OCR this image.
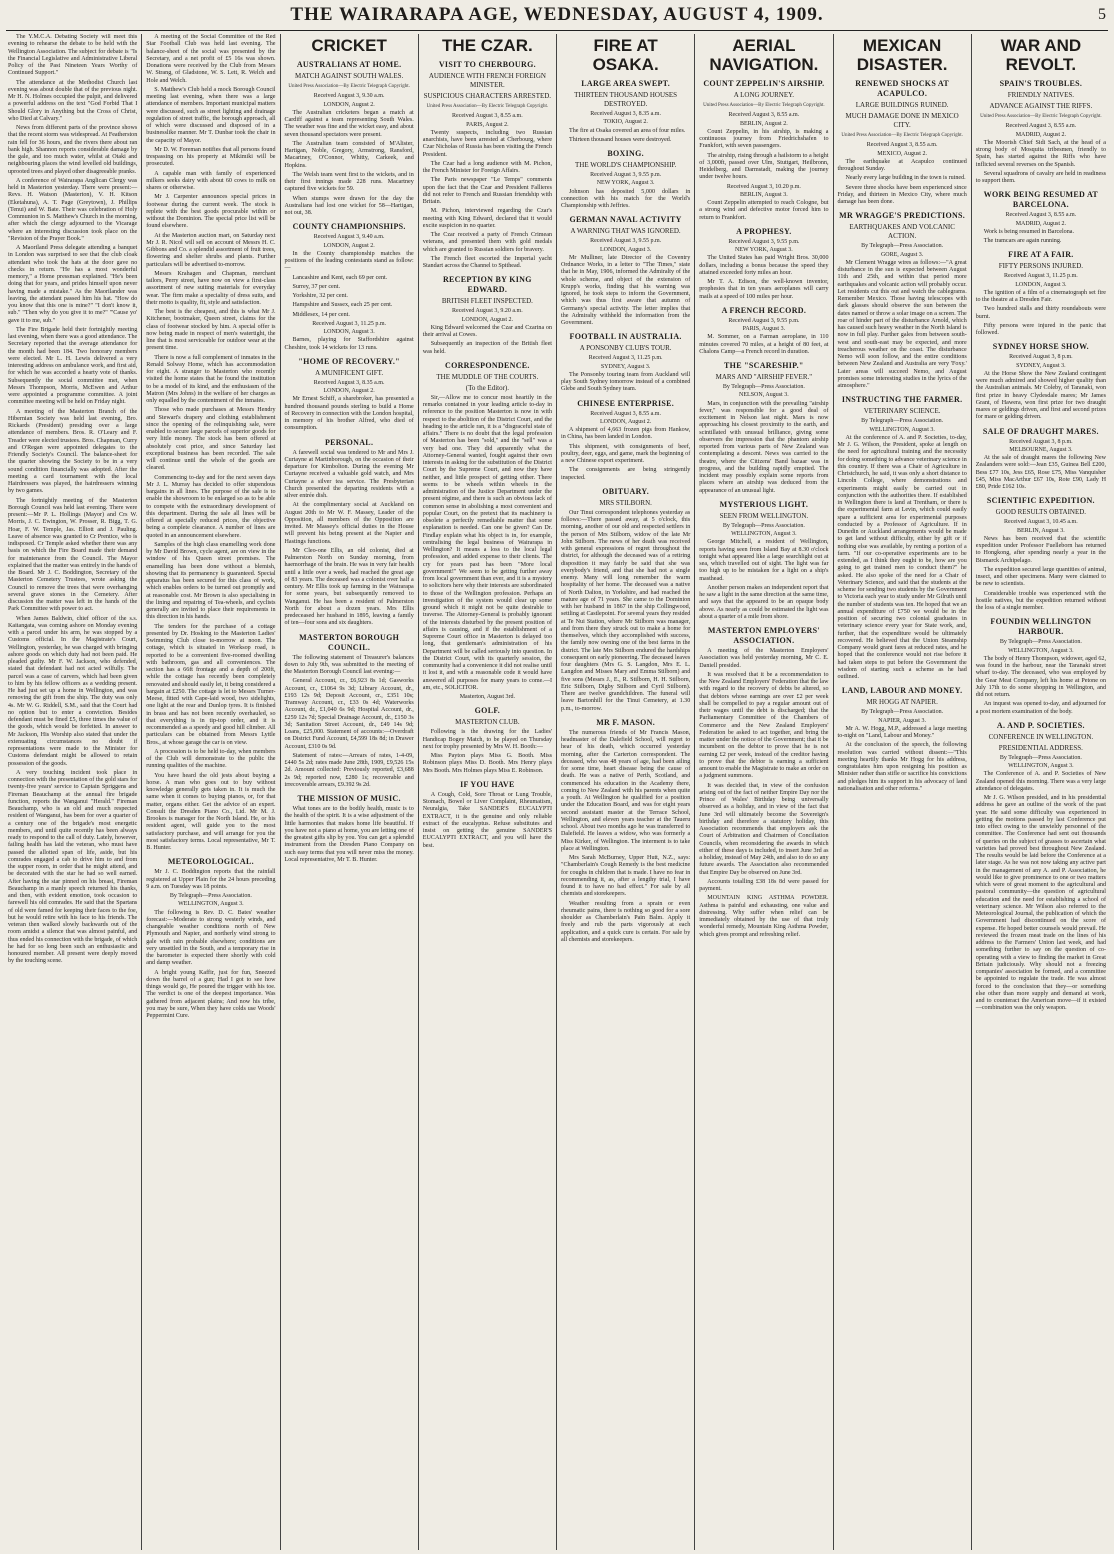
THE WAIRARAPA AGE, WEDNESDAY, AUGUST 4, 1909.	5
The Y.M.C.A. Debating Society will meet this evening to rehearse the debate to be held with the Wellington Association. The subject for debate is "Is the Financial Legislative and Administrative Liberal Policy of the Past Nineteen Years Worthy of Continued Support."
The attendance at the Methodist Church last evening was about double that of the previous night. Mr H. N. Holmes occupied the pulpit, and delivered a powerful address on the text "God Forbid That I Should Glory in Anything but the Cross of Christ, who Died at Calvary."
News from different parts of the province shows that the recent storm was widespread. At Featherston rain fell for 36 hours, and the rivers there about ran bank high. Shannon reports considerable damage by the gale, and too much water, whilst at Otaki and neighbouring places the wind levelled old buildings, uprooted trees and played other disagreeable pranks.
A conference of Wairarapa Anglican Clergy was held in Masterton yesterday. There were present:—Revs. H. Watson (Masterton), V. H. Kitson (Eketahuna), A. T. Page (Greytown), J. Phillips (Tenui) and W. Bate. Their was celebration of Holy Communion in S. Matthew's Church in the morning, after which the clergy adjourned to the Vicarage where an interesting discussion took place on the "Revision of the Prayer Book."
A Maoriland Press delegate attending a banquet in London was surprised to see that the club cloak attendant who took the hats at the door gave no checks in return. "He has a most wonderful memory," a Home pressman explained. "He's been doing that for years, and prides himself upon never having made a mistake." As the Maorilander was leaving, the attendant passed him his hat. "How do you know that this one is mine?" "I don't know it, sub." "Then why do you give it to me?" "'Cause yo' gave it to me, sub."
The Fire Brigade held their fortnightly meeting last evening, when there was a good attendance. The Secretary reported that the average attendance for the month had been 184. Two honorary members were elected. Mr L. H. Lewis delivered a very interesting address on ambulance work, and first aid, for which he was accorded a hearty vote of thanks. Subsequently the social committee met, when Messrs Thompson, Morris, McEwen and Arthur were appointed a programme committee. A joint committee meeting will be held on Friday night.
A meeting of the Masterton Branch of the Hibernian Society was held last evening, Bro. Rickards (President) presiding over a large attendance of members. Bros. R. O'Leary and F. Treader were elected trustees. Bros. Chapman, Curry and O'Regan were appointed delegates to the Friendly Society's Council. The balance-sheet for the quarter showing the Society to be in a very sound condition financially was adopted. After the meeting a card tournament with the local Hairdressers was played, the hairdressers winning by two games.
The fortnightly meeting of the Masterton Borough Council was held last evening. There were present:—Mr P. L. Hollings (Mayor) and Crs W. Morris, J. C. Ewington, W. Prosser, R. Bigg, T. G. Hoar, F. W. Temple, Jas. Elliott and J. Pauling. Leave of absence was granted to Cr Prentice, who is indisposed. Cr Temple asked whether there was any basis on which the Fire Board made their demand for maintenance from the Council. The Mayor explained that the matter was entirely in the hands of the Board. Mr J. C. Boddington, Secretary of the Masterton Cemetery Trustees, wrote asking the Council to remove the trees that were overhanging several grave stones in the Cemetery. After discussion the matter was left in the hands of the Park Committee with power to act.
When James Baldwin, chief officer of the s.s. Kaitangata, was coming ashore on Monday evening with a parcel under his arm, he was stopped by a Customs official. In the Magistrate's Court, Wellington, yesterday, he was charged with bringing ashore goods on which duty had not been paid. He pleaded guilty. Mr F. W. Jackson, who defended, stated that defendant had not acted wilfully. The parcel was a case of carvers, which had been given to him by his fellow officers as a wedding present. He had just set up a home in Wellington, and was removing the gift from the ship. The duty was only 4s. Mr W. G. Riddell, S.M., said that the Court had no option but to enter a conviction. Besides defendant must be fined £5, three times the value of the goods, which would be forfeited. In answer to Mr Jackson, His Worship also stated that under the extenuating circumstances no doubt if representations were made to the Minister for Customs defendant might be allowed to retain possession of the goods.
A very touching incident took place in connection with the presentation of the gold stars for twenty-five years' service to Captain Spriggens and Fireman Beauchamp at the annual fire brigade function, reports the Wanganui "Herald." Fireman Beauchamp, who is an old and much respected resident of Wanganui, has been for over a quarter of a century one of the brigade's most energetic members, and until quite recently has been always ready to respond to the call of duty. Lately, however, failing health has laid the veteran, who must have passed the allotted span of life, aside, but his comrades engaged a cab to drive him to and from the supper room, in order that he might attend, and be decorated with the star he had so well earned. After having the star pinned on his breast, Fireman Beauchamp in a manly speech returned his thanks, and then, with evident emotion, took occasion to farewell his old comrades. He said that the Spartans of old were famed for keeping their faces to the foe, but he would retire with his face to his friends. The veteran then walked slowly backwards out of the room amidst a silence that was almost painful, and thus ended his connection with the brigade, of which he had for so long been such an enthusiastic and honoured member. All present were deeply moved by the touching scene.
A meeting of the Social Committee of the Red Star Football Club was held last evening. The balance-sheet of the social was presented by the Secretary, and a net profit of £5 16s was shown. Donations were received by the Club from Messrs W. Strang, of Gladstone, W. S. Lett, R. Welch and Hole and Welch.
S. Matthew's Club held a mock Borough Council meeting last evening, when there was a large attendance of members. Important municipal matters were discussed, such as street lighting and drainage regulation of street traffic, the borough approach, all of which were discussed and disposed of in a businesslike manner. Mr T. Dunbar took the chair in the capacity of Mayor.
Mr D. W. Foreman notifies that all persons found trespassing on his property at Mikimiki will be prosecuted.
A capable man with family of experienced milkers seeks dairy with about 60 cows to milk on shares or otherwise.
Mr J. Carpenter announces special prices in footwear during the current week. The stock is replete with the best goods procurable within or without the Dominion. The special price list will be found elsewhere.
At the Masterton auction mart, on Saturday next Mr J. R. Nicol will sell on account of Messrs H. C. Gibbons and Co. a splendid assortment of fruit trees, flowering and shelter shrubs and plants. Further particulars will be advertised to-morrow.
Messrs Krahagen and Chapman, merchant tailors, Perry street, have now on view a first-class assortment of new suiting materials for everyday wear. The firm make a speciality of dress suits, and their motto is quality, fit, style and satisfaction.
The best is the cheapest, and this is what Mr J. Kitchener, bootmaker, Queen street, claims for the class of footwear stocked by him. A special offer is now being made in respect of men's watertight, the line that is most serviceable for outdoor wear at the present time.
There is now a full complement of inmates in the Renald Solway Home, which has accommodation for eight. A stranger to Masterton who recently visited the home states that he found the institution to be a model of its kind, and the enthusiasm of the Matron (Mrs Johns) in the welfare of her charges as only equalled by the contentment of the inmates.
Those who made purchases at Messrs Hendry and Stewart's drapery and clothing establishment since the opening of the relinquishing sale, were enabled to secure large parcels of superior goods for very little money. The stock has been offered at absolutely cost price, and since Saturday last exceptional business has been recorded. The sale will continue until the whole of the goods are cleared.
Commencing to-day and for the next seven days Mr J. L. Murray has decided to offer stupendous bargains in all lines. The purpose of the sale is to enable the showroom to be enlarged so as to be able to compete with the extraordinary development of this department. During the sale all lines will be offered at specially reduced prices, the objective being a complete clearance. A number of lines are quoted in an announcement elsewhere.
Samples of the high class enamelling work done by Mr David Brown, cycle agent, are on view in the window of his Queen street premises. The enamelling has been done without a blemish, showing that its permanency is guaranteed. Special apparatus has been secured for this class of work, which enables orders to be turned out promptly and at reasonable cost. Mr Brown is also specialising in the lining and repairing of Tea-wheels, and cyclists generally are invited to place their requirements in this direction in his hands.
The tenders for the purchase of a cottage presented by Dr. Hosking to the Masterton Ladies' Swimming Club close to-morrow at noon. The cottage, which is situated in Worksop road, is reported to be a convenient five-roomed dwelling with bathroom, gas and all conveniences. The section has a 66ft frontage and a depth of 200ft, while the cottage has recently been completely renovated and should easily let, it being considered a bargain at £250. The cottage is let to Messrs Turner-Meese, fitted with Cape-laid wood, two sidelights, one light at the rear and Dunlop tyres. It is finished in brass and has not been recently overhauled, so that everything is in tip-top order, and it is recommended as a speedy and good hill climber. All particulars can be obtained from Messrs Lyttle Bros., at whose garage the car is on view.
A procession is to be held to-day, when members of the Club will demonstrate to the public the running qualities of the machine.
You have heard the old jests about buying a horse. A man who goes out to buy without knowledge generally gets taken in. It is much the same when it comes to buying pianos, or, for that matter, organs either. Get the advice of an expert. Consult the Dresden Piano Co., Ltd. Mr M. J. Brookes is manager for the North Island. He, or his resident agent, will guide you to the most satisfactory purchase, and will arrange for you the most satisfactory terms. Local representative, Mr T. B. Hunter.
METEOROLOGICAL.
Mr J. C. Boddington reports that the rainfall registered at Upper Plain for the 24 hours preceding 9 a.m. on Tuesday was 18 points.
By Telegraph—Press Association.
WELLINGTON, August 3.
The following is Rev. D. C. Bates' weather forecast:—Moderate to strong westerly winds, and changeable weather conditions north of New Plymouth and Napier, and northerly wind strong to gale with rain probable elsewhere; conditions are very unsettled in the South, and a temporary rise in the barometer is expected there shortly with cold and damp weather.
A bright young Kaffir, just for fun, Sneezed down the barrel of a gun; Had I got to see how things would go, He poured the trigger with his toe. The verdict is one of the deepest importance. Was gathered from adjacent plains; And now his tribe, you may be sure, When they have colds use Woods' Peppermint Cure.
CRICKET
AUSTRALIANS AT HOME.
MATCH AGAINST SOUTH WALES.
United Press Association—By Electric Telegraph Copyright.
Received August 3, 9.30 a.m.
LONDON, August 2.
The Australian cricketers began a match at Cardiff against a team representing South Wales. The weather was fine and the wicket easy, and about seven thousand spectators were present.
The Australian team consisted of M'Alister, Hartigan, Noble, Gregory, Armstrong, Ransford, Macartney, O'Connor, Whitty, Carkeek, and Hopkins.
The Welsh team went first to the wickets, and in their first innings made 228 runs. Macartney captured five wickets for 59.
When stumps were drawn for the day the Australians had lost one wicket for 58—Hartigan, not out, 38.
COUNTY CHAMPIONSHIPS.
Received August 3, 9.40 a.m.
LONDON, August 2.
In the County championship matches the positions of the leading contestants stand as follow:—
Lancashire and Kent, each 69 per cent.
Surrey, 37 per cent.
Yorkshire, 32 per cent.
Hampshire and Sussex, each 25 per cent.
Middlesex, 14 per cent.
Received August 3, 11.25 p.m.
LONDON, August 3.
Barnes, playing for Staffordshire against Cheshire, took 14 wickets for 13 runs.
"HOME OF RECOVERY."
A MUNIFICENT GIFT.
Received August 3, 8.35 a.m.
LONDON, August 2.
Mr Ernest Schiff, a sharebroker, has presented a hundred thousand pounds sterling to build a Home of Recovery in connection with the London hospital, in memory of his brother Alfred, who died of consumption.
PERSONAL.
A farewell social was tendered to Mr and Mrs J. Curtayne at Martinborough, on the occasion of their departure for Kimbolton. During the evening Mr Curtayne received a valuable gold watch, and Mrs Curtayne a silver tea service. The Presbyterian Church presented the departing residents with a silver entrée dish.
At the complimentary social at Auckland on August 20th to Mr W. F. Massey, Leader of the Opposition, all members of the Opposition are invited. Mr Massey's official duties in the House will prevent his being present at the Napier and Hastings functions.
Mr Cleo-one Ellis, an old colonist, died at Palmerston North on Sunday morning, from haemorrhage of the brain. He was in very fair health until a little over a week, had reached the great age of 83 years. The deceased was a colonist over half a century. Mr Ellis took up farming in the Wairarapa for some years, but subsequently removed to Wanganui. He has been a resident of Palmerston North for about a dozen years. Mrs Ellis predeceased her husband in 1895, leaving a family of ten—four sons and six daughters.
MASTERTON BOROUGH COUNCIL.
The following statement of Treasurer's balances down to July 9th, was submitted to the meeting of the Masterton Borough Council last evening:—
General Account, cr., £6,923 8s 1d; Gasworks Account, cr., £1064 9s 3d; Library Account, dr., £193 12s 9d; Deposit Account, cr., £351 10s; Tramway Account, cr., £33 0s 4d; Waterworks Account, dr., £1,040 6s 9d; Hospital Account, dr., £259 12s 7d; Special Drainage Account, dr., £150 3s 3d; Sanitation Street Account, dr., £49 14s 9d; Loans, £25,000. Statement of accounts:—Overdraft on District Fund Account, £4,599 18s 8d; in Drawer Account, £310 0s 9d.
Statement of rates:—Arrears of rates, 1-4-09, £440 5s 2d; rates made June 28th, 1909, £9,526 15s 2d. Amount collected: Previously reported, £3,688 2s 9d; reported now, £280 1s; recoverable and irrecoverable arrears, £9.392 9s 2d.
THE MISSION OF MUSIC.
What tones are to the bodily health, music is to the health of the spirit. It is a wise adjustment of the little harmonies that makes home life beautiful. If you have not a piano at home, you are letting one of the greatest gifts slip by you. You can get a splendid instrument from the Dresden Piano Company on such easy terms that you will never miss the money. Local representative, Mr T. B. Hunter.
THE CZAR.
VISIT TO CHERBOURG.
AUDIENCE WITH FRENCH FOREIGN MINISTER.
SUSPICIOUS CHARACTERS ARRESTED.
United Press Association—By Electric Telegraph Copyright.
Received August 3, 8.55 a.m.
PARIS, August 2.
Twenty suspects, including two Russian anarchists, have been arrested at Cherbourg, where Czar Nicholas of Russia has been visiting the French President.
The Czar had a long audience with M. Pichon, the French Minister for Foreign Affairs.
The Paris newspaper "Le Temps" comments upon the fact that the Czar and President Fallieres did not refer to French and Russian friendship with Britain.
M. Pichon, interviewed regarding the Czar's meeting with King Edward, declared that it would excite suspicion in no quarter.
The Czar received a party of French Crimean veterans, and presented them with gold medals which are granted to Russian soldiers for bravery.
The French fleet escorted the Imperial yacht Standart across the Channel to Spithead.
RECEPTION BY KING EDWARD.
BRITISH FLEET INSPECTED.
Received August 3, 9.20 a.m.
LONDON, August 2.
King Edward welcomed the Czar and Czarina on their arrival at Cowes.
Subsequently an inspection of the British fleet was held.
CORRESPONDENCE.
THE MUDDLE OF THE COURTS.
(To the Editor).
Sir,—Allow me to concur most heartily in the remarks contained in your leading article to-day in reference to the position Masterton is now in with respect to the abolition of the District Court, and the heading to the article ran, it is a "disgraceful state of affairs." There is no doubt that the legal profession of Masterton has been "sold," and the "sell" was a very bad one. They did apparently what the Attorney-General wanted, fought against their own interests in asking for the substitution of the District Court by the Supreme Court, and now they have neither, and little prospect of getting either. There seems to be wheels within wheels in the administration of the Justice Department under the present régime, and there is such an obvious lack of common sense in abolishing a most convenient and popular Court, on the pretext that its machinery is obsolete a perfectly remediable matter that some explanation is needed. Can one be given? Can Dr. Findlay explain what his object is in, for example, centralising the legal business of Wairarapa in Wellington? It means a loss to the local legal profession, and added expense to their clients. The cry for years past has been "More local government!" We seem to be getting further away from local government than ever, and it is a mystery to solicitors here why their interests are subordinated to those of the Wellington profession. Perhaps an investigation of the system would clear up some ground which it might not be quite desirable to traverse. The Attorney-General is probably ignorant of the interests disturbed by the present position of affairs is causing, and if the establishment of a Supreme Court office in Masterton is delayed too long, that gentleman's administration of his Department will be called seriously into question. In the District Court, with its quarterly session, the community had a convenience it did not realise until it lost it, and with a reasonable code it would have answered all purposes for many years to come.—I am, etc., SOLICITOR.
Masterton, August 3rd.
GOLF.
MASTERTON CLUB.
Following is the drawing for the Ladies' Handicap Bogey Match, to be played on Thursday next for trophy presented by Mrs W. H. Booth:—
Miss Payton plays Miss G. Booth. Miss Robinson plays Miss D. Booth. Mrs Henry plays Mrs Booth. Mrs Holmes plays Miss E. Robinson.
IF YOU HAVE
A Cough, Cold, Sore Throat or Lung Trouble, Stomach, Bowel or Liver Complaint, Rheumatism, Neuralgia, Take SANDER'S EUCALYPTI EXTRACT, it is the genuine and only reliable extract of the eucalyptus. Refuse substitutes and insist on getting the genuine SANDER'S EUCALYPTI EXTRACT, and you will have the best.
FIRE AT OSAKA.
LARGE AREA SWEPT.
THIRTEEN THOUSAND HOUSES DESTROYED.
Received August 3, 8.35 a.m.
TOKIO, August 2.
The fire at Osaka covered an area of four miles.
Thirteen thousand houses were destroyed.
BOXING.
THE WORLD'S CHAMPIONSHIP.
Received August 3, 9.55 p.m.
NEW YORK, August 3.
Johnson has deposited 5,000 dollars in connection with his match for the World's Championship with Jeffries.
GERMAN NAVAL ACTIVITY
A WARNING THAT WAS IGNORED.
Received August 3, 9.55 p.m.
LONDON, August 3.
Mr Mulliner, late Director of the Coventry Ordnance Works, in a letter to "The Times," state that he in May, 1906, informed the Admiralty of the whole scheme, and object of the extension of Krupp's works, finding that his warning was ignored, he took steps to inform the Government, which was thus first aware that autumn of Germany's special activity. The letter implies that the Admiralty withheld the information from the Government.
FOOTBALL IN AUSTRALIA.
A PONSONBY CLUB'S TOUR.
Received August 3, 11.25 p.m.
SYDNEY, August 3.
The Ponsonby touring team from Auckland will play South Sydney tomorrow instead of a combined Glebe and South Sydney team.
CHINESE ENTERPRISE.
Received August 3, 8.55 a.m.
LONDON, August 2.
A shipment of 4,663 frozen pigs from Hankow, in China, has been landed in London.
This shipment, with consignments of beef, poultry, deer, eggs, and game, mark the beginning of a new Chinese export experiment.
The consignments are being stringently inspected.
OBITUARY.
MRS STILBORN.
Our Tinui correspondent telephones yesterday as follows:—There passed away, at 5 o'clock, this morning, another of our old and respected settlers in the person of Mrs Stilborn, widow of the late Mr John Stilborn. The news of her death was received with general expressions of regret throughout the district, for although the deceased was of a retiring disposition it may fairly be said that she was everybody's friend, and that she had not a single enemy. Many will long remember the warm hospitality of her home. The deceased was a native of North Dalton, in Yorkshire, and had reached the mature age of 71 years. She came to the Dominion with her husband in 1867 in the ship Collingwood, settling at Castlepoint. For several years they resided at Te Nui Station, where Mr Stilborn was manager, and from there they struck out to make a home for themselves, which they accomplished with success, the family now owning one of the best farms in the district. The late Mrs Stilborn endured the hardships consequent on early pioneering. The deceased leaves four daughters (Mrs G. S. Langdon, Mrs E. L. Langdon and Misses Mary and Emma Stilborn) and five sons (Messrs J., E., R. Stilborn, H. H. Stilborn, Eric Stilborn, Digby Stilborn and Cyril Stilborn). There are twelve grandchildren. The funeral will leave Bartonhill for the Tinui Cemetery, at 1.30 p.m., to-morrow.
MR F. MASON.
The numerous friends of Mr Francis Mason, headmaster of the Dalefield School, will regret to hear of his death, which occurred yesterday morning, after the Carterton correspondent. The deceased, who was 48 years of age, had been ailing for some time, heart disease being the cause of death. He was a native of Perth, Scotland, and commenced his education in the Academy there, coming to New Zealand with his parents when quite a youth. At Wellington he qualified for a position under the Education Board, and was for eight years second assistant master at the Terrace School, Wellington, and eleven years teacher at the Taueru school. About two months ago he was transferred to Dalefield. He leaves a widow, who was formerly a Miss Kirker, of Wellington. The interment is to take place at Wellington.
Mrs Sarah McBurney, Upper Hutt, N.Z., says: "Chamberlain's Cough Remedy is the best medicine for coughs in children that is made. I have no fear in recommending it, as, after a lengthy trial, I have found it to have no bad effect." For sale by all chemists and storekeepers.
Weather resulting from a sprain or even rheumatic pains, there is nothing so good for a sore shoulder as Chamberlain's Pain Balm. Apply it freely and rub the parts vigorously at each application, and a quick cure is certain. For sale by all chemists and storekeepers.
AERIAL NAVIGATION.
COUNT ZEPPELIN'S AIRSHIP.
A LONG JOURNEY.
United Press Association—By Electric Telegraph Copyright.
Received August 3, 8.55 a.m.
BERLIN, August 2.
Count Zeppelin, in his airship, is making a continuous journey from Friedrichshafen to Frankfort, with seven passengers.
The airship, rising through a hailstorm to a height of 3,000ft, passed over Ulm, Stuttgart, Heilbronn, Heidelberg, and Darmstadt, making the journey under twelve hours.
Received August 3, 10.20 p.m.
BERLIN, August 3.
Count Zeppelin attempted to reach Cologne, but a strong wind and defective motor forced him to return to Frankfort.
A PROPHESY.
Received August 3, 9.55 p.m.
NEW YORK, August 3.
The United States has paid Wright Bros. 30,000 dollars, including a bonus because the speed they attained exceeded forty miles an hour.
Mr T. A. Edison, the well-known inventor, prophesies that in ten years aeroplanes will carry mails at a speed of 100 miles per hour.
A FRENCH RECORD.
Received August 3, 9.55 p.m.
PARIS, August 3.
M. Sommer, on a Farman aeroplane, in 110 minutes covered 70 miles, at a height of 80 feet, at Chalons Camp—a French record in duration.
THE "SCARESHIP."
MARS AND "AIRSHIP FEVER."
By Telegraph—Press Association.
NELSON, August 3.
Mars, in conjunction with the prevailing "airship fever," was responsible for a good deal of excitement in Nelson last night. Mars is now approaching his closest proximity to the earth, and scintillated with unusual brilliance, giving some observers the impression that the phantom airship reported from various parts of New Zealand was contemplating a descent. News was carried to the theatre, where the Citizens' Band bazaar was in progress, and the building rapidly emptied. The incident may possibly explain some reports from places where an airship was deduced from the appearance of an unusual light.
MYSTERIOUS LIGHT.
SEEN FROM WELLINGTON.
By Telegraph—Press Association.
WELLINGTON, August 3.
George Mitchell, a resident of Wellington, reports having seen from Island Bay at 8.30 o'clock tonight what appeared like a large searchlight out at sea, which travelled out of sight. The light was far too high up to be mistaken for a light on a ship's masthead.
Another person makes an independent report that he saw a light in the same direction at the same time, and says that the appeared to be an opaque body above. As nearly as could be estimated the light was about a quarter of a mile from shore.
MASTERTON EMPLOYERS' ASSOCIATION.
A meeting of the Masterton Employers' Association was held yesterday morning, Mr C. E. Daniell presided.
It was resolved that it be a recommendation to the New Zealand Employers' Federation that the law with regard to the recovery of debts be altered, so that debtors whose earnings are over £2 per week shall be compelled to pay a regular amount out of their wages until the debt is discharged; that the Parliamentary Committee of the Chambers of Commerce and the New Zealand Employers' Federation be asked to act together, and bring the matter under the notice of the Government; that it be incumbent on the debtor to prove that he is not earning £2 per week, instead of the creditor having to prove that the debtor is earning a sufficient amount to enable the Magistrate to make an order on a judgment summons.
It was decided that, in view of the confusion arising out of the fact of neither Empire Day nor the Prince of Wales' Birthday being universally observed as a holiday, and in view of the fact that June 3rd will ultimately become the Sovereign's birthday and therefore a statutory holiday, this Association recommends that employers ask the Court of Arbitration and Chairmen of Conciliation Councils, when reconsidering the awards in which either of these days is included, to insert June 3rd as a holiday, instead of May 24th, and also to do so any future awards. The Association also recommended that Empire Day be observed on June 3rd.
Accounts totalling £38 18s 8d were passed for payment.
MOUNTAIN KING ASTHMA POWDER. Asthma is painful and exhausting, one value and distressing. Why suffer when relief can be immediately obtained by the use of that truly wonderful remedy, Mountain King Asthma Powder, which gives prompt and refreshing relief.
MEXICAN DISASTER.
RENEWED SHOCKS AT ACAPULCO.
LARGE BUILDINGS RUINED.
MUCH DAMAGE DONE IN MEXICO CITY.
United Press Association—By Electric Telegraph Copyright.
Received August 3, 8.55 a.m.
MEXICO, August 2.
The earthquake at Acapulco continued throughout Sunday.
Nearly every large building in the town is ruined.
Severe three shocks have been experienced since Friday, and thirteen in Mexico City, where much damage has been done.
MR WRAGGE'S PREDICTIONS.
EARTHQUAKES AND VOLCANIC ACTION.
By Telegraph—Press Association.
GORE, August 3.
Mr Clement Wragge wires as follows:—"A great disturbance in the sun is expected between August 11th and 25th, and within that period more earthquakes and volcanic action will probably occur. Let residents cut this out and watch the cablegrams. Remember Mexico. Those having telescopes with dark glasses should observe the sun between the dates named or throw a solar image on a screen. The roar of hinder part of the disturbance Arnold, which has caused such heavy weather in the North Island is now in full play. Further gales from between south-west and south-east may be expected, and more treacherous weather on the coast. The disturbance Nemo will soon follow, and the entire conditions between New Zealand and Australia are very 'Foxy.' Later areas will succeed Nemo, and August promises some interesting studies in the lyrics of the atmosphere."
INSTRUCTING THE FARMER.
VETERINARY SCIENCE.
By Telegraph—Press Association.
WELLINGTON, August 3.
At the conference of A. and P. Societies, to-day, Mr J. G. Wilson, the President, spoke at length on the need for agricultural training and the necessity for doing something to advance veterinary science in this country. If there was a Chair of Agriculture in Christchurch, he said, it was only a short distance to Lincoln College, where demonstrations and experiments might easily be carried out in conjunction with the authorities there. If established in Wellington there is land at Trentham, or there is the experimental farm at Levin, which could easily spare a sufficient area for experimental purposes conducted by a Professor of Agriculture. If in Dunedin or Auckland arrangements would be made to get land without difficulty, either by gift or if nothing else was available, by renting a portion of a farm. "If our co-operative experiments are to be extended, as I think they ought to be, how are you going to get trained men to conduct them?" he asked. He also spoke of the need for a Chair of Veterinary Science, and said that the students at the scheme for sending two students by the Government to Victoria each year to study under Mr Gilruth until the number of students was ten. He hoped that we an annual expenditure of £750 we would be in the position of securing two colonial graduates in veterinary science every year for State work, and, further, that the expenditure would be ultimately recovered. He believed that the Union Steamship Company would grant fares at reduced rates, and he hoped that the conference would not rise before it had taken steps to put before the Government the wisdom of starting such a scheme as he had outlined.
LAND, LABOUR AND MONEY.
MR HOGG AT NAPIER.
By Telegraph—Press Association.
NAPIER, August 3.
Mr A. W. Hogg, M.P., addressed a large meeting to-night on "Land, Labour and Money."
At the conclusion of the speech, the following resolution was carried without dissent:—"This meeting heartily thanks Mr Hogg for his address, congratulates him upon resigning his position as Minister rather than stifle or sacrifice his convictions and pledges him its support in his advocacy of land nationalisation and other reforms."
WAR AND REVOLT.
SPAIN'S TROUBLES.
FRIENDLY NATIVES.
ADVANCE AGAINST THE RIFFS.
United Press Association—By Electric Telegraph Copyright.
Received August 3, 8.55 a.m.
MADRID, August 2.
The Moorish Chief Sidi Sach, at the head of a strong body of Mosquita tribesmen, friendly to Spain, has started against the Riffs who have inflicted several reverses on the Spanish.
Several squadrons of cavalry are held in readiness to support them.
WORK BEING RESUMED AT BARCELONA.
Received August 3, 8.55 a.m.
MADRID, August 2.
Work is being resumed in Barcelona.
The tramcars are again running.
FIRE AT A FAIR.
FIFTY PERSONS INJURED.
Received August 3, 11.25 p.m.
LONDON, August 3.
The ignition of a film of a cinematograph set fire to the theatre at a Dresden Fair.
Two hundred stalls and thirty roundabouts were burnt.
Fifty persons were injured in the panic that followed.
SYDNEY HORSE SHOW.
Received August 3, 8 p.m.
SYDNEY, August 3.
At the Horse Show the New Zealand contingent were much admired and showed higher quality than the Australian animals. Mr Coleby, of Taranaki, won first prize in heavy Clydesdale mares; Mr James Grant, of Hawera, won first prize for two draught mares or geldings driven, and first and second prizes for mare or gelding driven.
SALE OF DRAUGHT MARES.
Received August 3, 8 p.m.
MELBOURNE, August 3.
At the sale of draught mares the following New Zealanders were sold:—Jean £35, Guinea Bell £200, Bess £77 10s, Jess £65, Rose £75, Miss Vanquisher £45, Miss MacArthur £67 10s, Rote £90, Lady H £80, Pride £162 10s.
SCIENTIFIC EXPEDITION.
GOOD RESULTS OBTAINED.
Received August 3, 10.45 a.m.
BERLIN, August 3.
News has been received that the scientific expedition under Professor Fuelleborn has returned to Hongkong, after spending nearly a year in the Bismarck Archipelago.
The expedition secured large quantities of animal, insect, and other specimens. Many were claimed to be new to scientists.
Considerable trouble was experienced with the hostile natives, but the expedition returned without the loss of a single member.
FOUNDIN WELLINGTON HARBOUR.
By Telegraph—Press Association.
WELLINGTON, August 3.
The body of Henry Thompson, widower, aged 62, was found in the harbour, near the Taranaki street wharf to-day. The deceased, who was employed by the Gear Meat Company, left his home at Petone on July 17th to do some shopping in Wellington, and did not return.
An inquest was opened to-day, and adjourned for a post mortem examination of the body.
A. AND P. SOCIETIES.
CONFERENCE IN WELLINGTON.
PRESIDENTIAL ADDRESS.
By Telegraph—Press Association.
WELLINGTON, August 3.
The Conference of A. and P. Societies of New Zealand opened this morning. There was a very large attendance of delegates.
Mr J. G. Wilson presided, and in his presidential address he gave an outline of the work of the past year. He said some difficulty was experienced in getting the motions passed by last Conference put into effect owing to the unwieldy personnel of the committee. The Conference had sent out thousands of queries on the subject of grasses to ascertain what varieties had proved best throughout New Zealand. The results would be laid before the Conference at a later stage. As he was not now taking any active part in the management of any A. and P. Association, he would like to give prominence to one or two matters which were of great moment to the agricultural and pastoral community—the question of agricultural education and the need for establishing a school of veterinary science. Mr Wilson also referred to the Meteorological Journal, the publication of which the Government had discontinued on the score of expense. He hoped better counsels would prevail. He reviewed the frozen meat trade on the lines of his address to the Farmers' Union last week, and had something further to say on the question of co-operating with a view to finding the market in Great Britain judiciously. Why should not a freezing companies' association be formed, and a committee be appointed to regulate the trade. He was almost forced to the conclusion that they—or something else other than more supply and demand at work, and to counteract the American move—if it existed—combination was the only weapon.
